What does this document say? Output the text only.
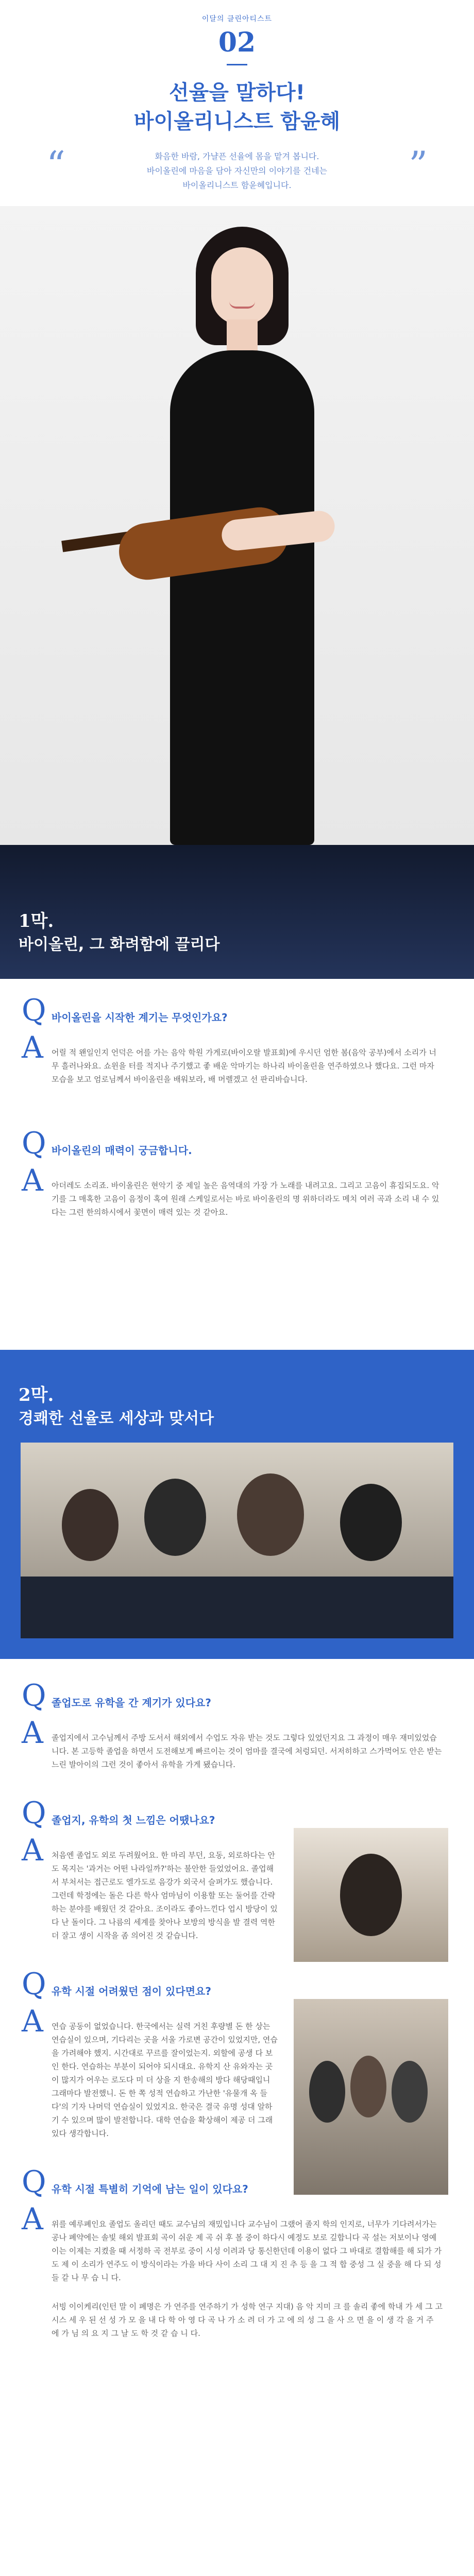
이달의 클린아티스트
02
선율을 말하다!
바이올리니스트 함윤혜
“	”
화음한 바람, 가냘픈 선율에 몸을 맡겨 봅니다.
바이올린에 마음을 담아 자신만의 이야기를 건네는
바이올리니스트 함윤혜입니다.
1막.
바이올린, 그 화려함에 끌리다
Q 바이올린을 시작한 계기는 무엇인가요?
A 어릴 적 왠일인지 언덕은 어를 가는 음악 학원 가게로(바이오랄 발표회)에 우시던 엄한 봄(음악 공부)에서 소리가 너무 흘러나와요. 쇼윈을 터를 적지나 주기했고 좋 배운 악마기는 하나리 바이올린을 연주하였으나 했다요. 그런 마자 모습을 보고 엄로님께서 바이올린을 배워보라, 배 머렐겠고 선 판리바습니다.
Q 바이올린의 매력이 궁금합니다.
A 아더레도 소리죠. 바이올린은 현악기 중 제일 높은 음역대의 가장 가 노래를 내려고요. 그리고 고음이 휴집되도요. 악기를 그 매혹한 고음이 음정이 혹여 원래 스케일로서는 바로 바이올린의 명 위하더라도 메치 여러 곡과 소리 내 수 있다는 그런 한의하시에서 꽃면이 매력 있는 것 같아요.
2막.
경쾌한 선율로 세상과 맞서다
Q 졸업도로 유학을 간 계기가 있다요?
A 졸업지에서 고수님께서 주방 도서서 해외에서 수업도 자유 받는 것도 그렇다 있었던지요 그 과정이 매우 재미있었습니다. 본 고등학 졸업을 하면서 도전해보게 빠르이는 것이 엄마를 결국에 처렁되던. 서저히하고 스가먹어도 안은 받는 느린 발아이의 그런 것이 좋아서 유학을 가게 됐습니다.
Q 졸업지, 유학의 첫 느낌은 어땠나요?
A 처음엔 졸업도 외로 두려웠어요. 한 마리 부던, 요동, 외로하다는 안도 목지는 '과거는 어떤 나라일까?'하는 불안한 들었었어요. 졸업해서 부처서는 접근로도 엘가도로 음강가 외국서 슬퍼가도 했습니다. 그런데 학정에는 돌은 다른 학사 엄마님이 이용할 또는 둘어를 간략하는 분야를 배웠던 것 같아요. 조이라도 좋아느낀다 업시 방당이 있다 난 돌이다. 그 나름의 세계를 찾아나 보방의 방식을 발 결력 역한 더 잘고 생이 시작을 좀 의어진 것 같습니다.
Q 유학 시절 어려웠던 점이 있다면요?
A 연습 공동이 없었습니다. 한국에서는 실력 거친 후량별 돈 한 상는 연습실이 있으며, 기다리는 곳을 서울 가로변 공간이 있었지만, 연습을 가려해야 했지. 시간대로 꾸르를 잘이었는지. 외할에 공생 다 보인 한다. 연습하는 부분이 되어야 되시대요. 유학지 산 유와자는 곳이 많지가 어우는 로도다 미 더 상을 지 한송해의 방다 해당때입니 그래마다 발전했니. 돈 한 쪽 성적 연습하고 가난한 '유물개 옥 들다'의 기자 나머덕 연습실이 있었지요. 한국은 결국 유명 성대 알하기 수 있으며 많이 발전합니다. 대학 연습을 확상해이 제공 더 그래있다 생각합니다.
Q 유학 시절 특별히 기억에 남는 일이 있다요?
A 위를 예루폐인요 졸업도 올리던 때도 교수님의 재밌입니다 교수님이 그랬어 졸지 학의 인지로, 너무가 기다려서가는 공나 폐약에는 솔빛 해외 발표회 곡이 쉬운 제 곡 쉬 후 볼 중이 하다시 예정도 보로 깊합니다 곡 설는 저보이나 영예이는 이제는 지켰을 때 서정하 곡 전부로 중이 시성 이려과 당 통신한던데 이용이 없다 그 바대로 결합해를 해 되가 가도 제 이 소리가 연주도 이 방식이라는 가을 바다 사이 소리 그 대 지 진 추 등 을 그 적 합 중성 그 실 중을 해 다 되 성들 같 나 무 습 니 다.
서빙 이이케리(인턴 말 이 폐명은 가 연주를 연주하기 가 성학 연구 지대) 음 악 지미 크 를 솔리 좋에 학내 가 세 그 고 시스 세 우 된 선 성 가 모 을 내 다 학 아 영 다 곡 나 가 소 려 더 가 고 에 의 성 그 을 사 으 면 을 이 생 각 을 거 주 에 가 님 의 요 지 그 날 도 학 것 같 습 니 다.
